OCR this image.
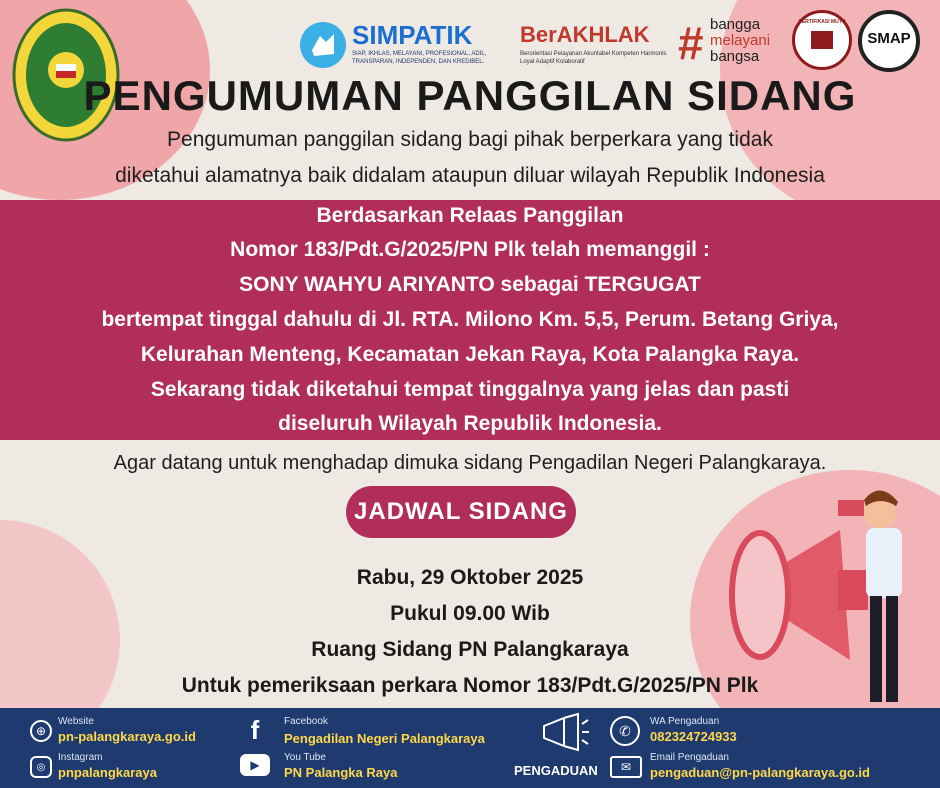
SIMPATIK
SIAP, IKHLAS, MELAYANI, PROFESIONAL, ADIL, TRANSPARAN, INDEPENDEN, DAN KREDIBEL.
BerAKHLAK
Berorientasi Pelayanan Akuntabel Kompeten Harmonis Loyal Adaptif Kolaboratif	# bangga
melayani
bangsa
SERTIFIKASI MUTU
SMAP
PENGUMUMAN PANGGILAN SIDANG
Pengumuman panggilan sidang bagi pihak berperkara yang tidak
diketahui alamatnya baik didalam ataupun diluar wilayah Republik Indonesia
Berdasarkan Relaas Panggilan
Nomor 183/Pdt.G/2025/PN Plk telah memanggil :
SONY WAHYU ARIYANTO sebagai TERGUGAT
bertempat tinggal dahulu di Jl. RTA. Milono Km. 5,5, Perum. Betang Griya,
Kelurahan Menteng, Kecamatan Jekan Raya, Kota Palangka Raya.
Sekarang tidak diketahui tempat tinggalnya yang jelas dan pasti
diseluruh Wilayah Republik Indonesia.
Agar datang untuk menghadap dimuka sidang Pengadilan Negeri Palangkaraya.
JADWAL SIDANG
Rabu, 29 Oktober 2025
Pukul 09.00 Wib
Ruang Sidang PN Palangkaraya
Untuk pemeriksaan perkara Nomor 183/Pdt.G/2025/PN Plk
⊕
Website
pn-palangkaraya.go.id
◎
Instagram
pnpalangkaraya
f	Facebook
Pengadilan Negeri Palangkaraya
▶
You Tube
PN Palangka Raya	PENGADUAN
✆
WA Pengaduan
082324724933
✉
Email Pengaduan
pengaduan@pn-palangkaraya.go.id
